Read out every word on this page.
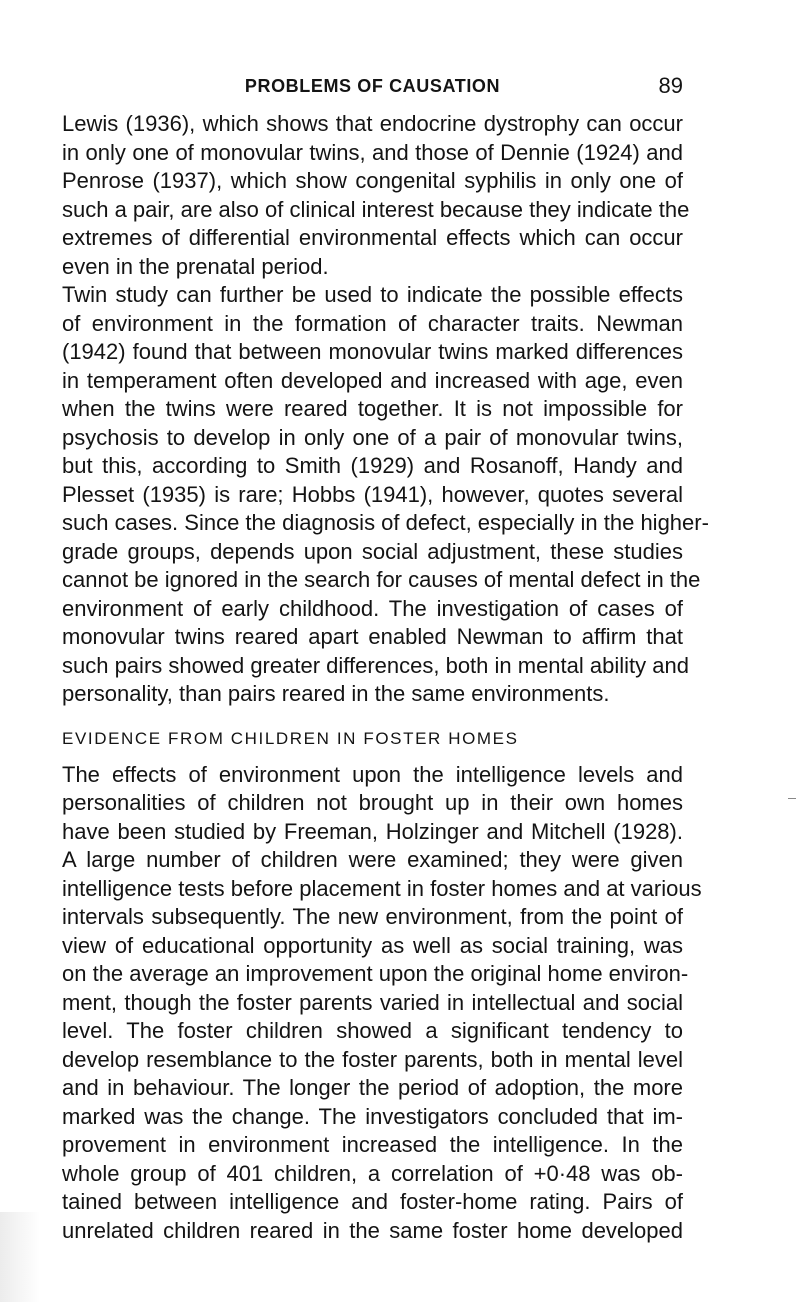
PROBLEMS OF CAUSATION	89
Lewis (1936), which shows that endocrine dystrophy can occur
in only one of monovular twins, and those of Dennie (1924) and
Penrose (1937), which show congenital syphilis in only one of
such a pair, are also of clinical interest because they indicate the
extremes of differential environmental effects which can occur
even in the prenatal period.
Twin study can further be used to indicate the possible effects
of environment in the formation of character traits. Newman
(1942) found that between monovular twins marked differences
in temperament often developed and increased with age, even
when the twins were reared together. It is not impossible for
psychosis to develop in only one of a pair of monovular twins,
but this, according to Smith (1929) and Rosanoff, Handy and
Plesset (1935) is rare; Hobbs (1941), however, quotes several
such cases. Since the diagnosis of defect, especially in the higher-
grade groups, depends upon social adjustment, these studies
cannot be ignored in the search for causes of mental defect in the
environment of early childhood. The investigation of cases of
monovular twins reared apart enabled Newman to affirm that
such pairs showed greater differences, both in mental ability and
personality, than pairs reared in the same environments.
EVIDENCE FROM CHILDREN IN FOSTER HOMES
The effects of environment upon the intelligence levels and
personalities of children not brought up in their own homes
have been studied by Freeman, Holzinger and Mitchell (1928).
A large number of children were examined; they were given
intelligence tests before placement in foster homes and at various
intervals subsequently. The new environment, from the point of
view of educational opportunity as well as social training, was
on the average an improvement upon the original home environ-
ment, though the foster parents varied in intellectual and social
level. The foster children showed a significant tendency to
develop resemblance to the foster parents, both in mental level
and in behaviour. The longer the period of adoption, the more
marked was the change. The investigators concluded that im-
provement in environment increased the intelligence. In the
whole group of 401 children, a correlation of +0·48 was ob-
tained between intelligence and foster-home rating. Pairs of
unrelated children reared in the same foster home developed
